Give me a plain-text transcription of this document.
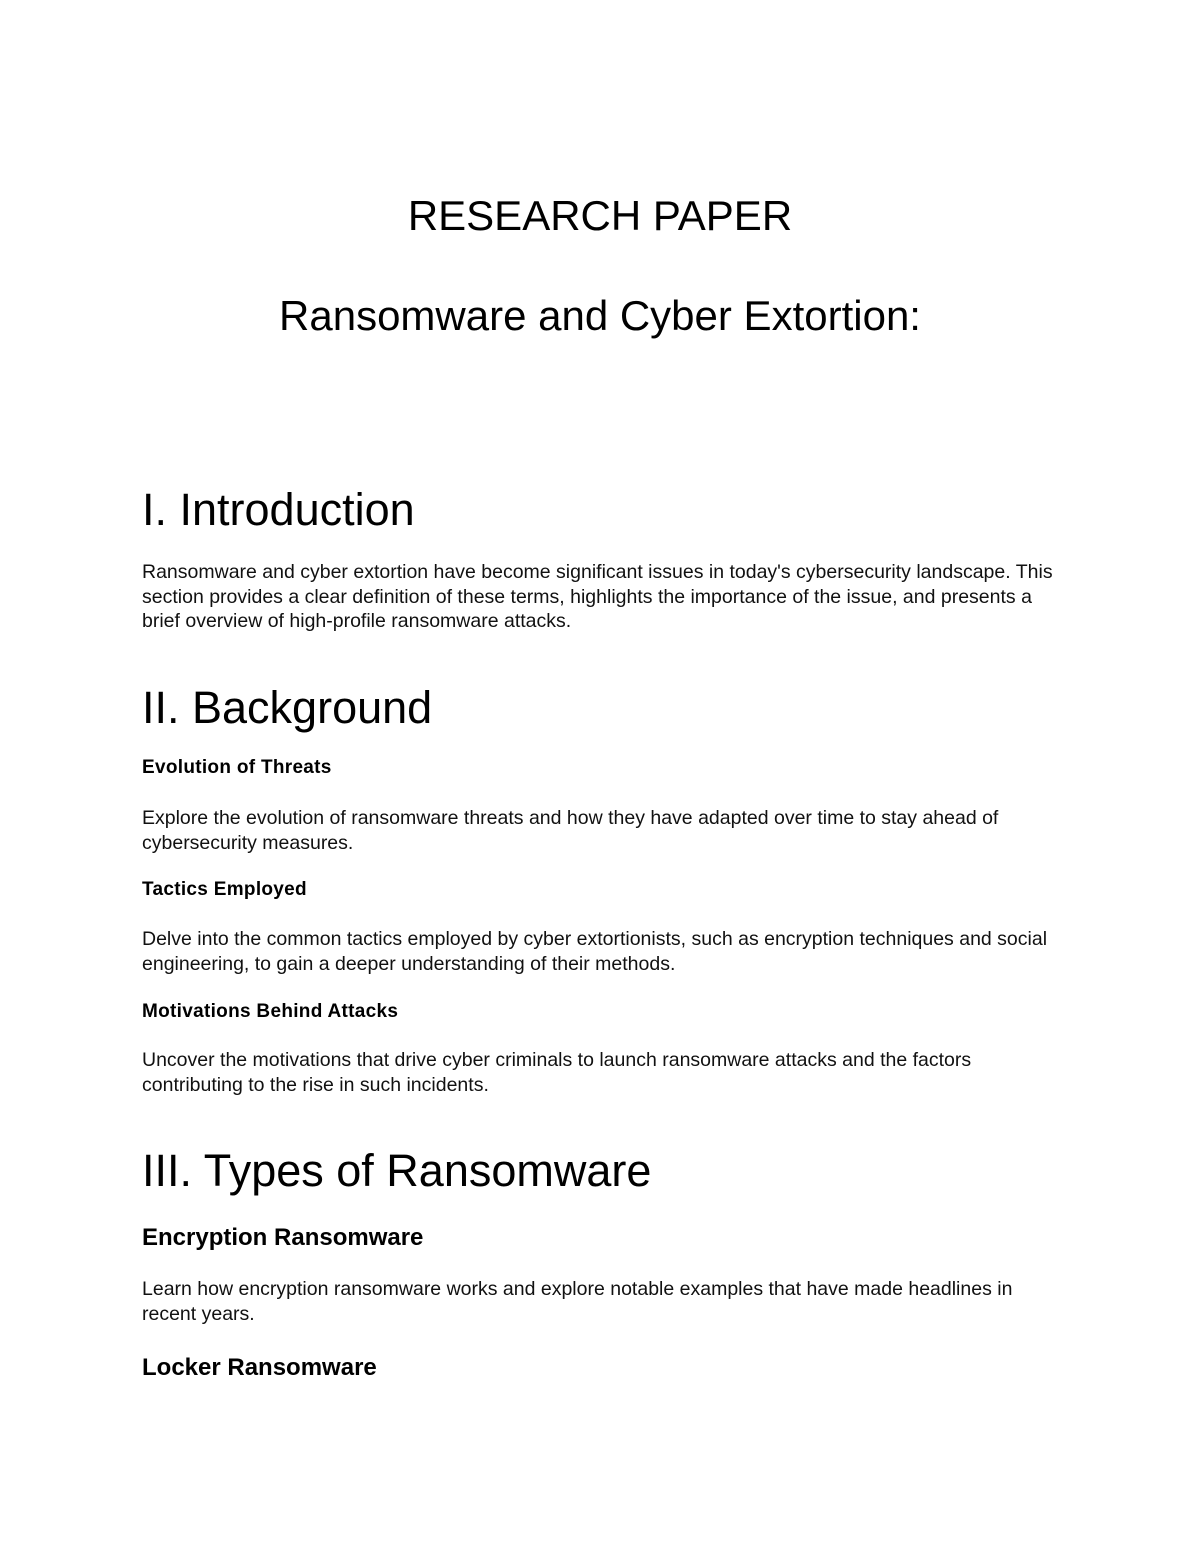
RESEARCH PAPER
Ransomware and Cyber Extortion:
I. Introduction

Ransomware and cyber extortion have become significant issues in today's cybersecurity landscape. This section provides a clear definition of these terms, highlights the importance of the issue, and presents a brief overview of high-profile ransomware attacks.

II. Background
Evolution of Threats

Explore the evolution of ransomware threats and how they have adapted over time to stay ahead of cybersecurity measures.

Tactics Employed

Delve into the common tactics employed by cyber extortionists, such as encryption techniques and social engineering, to gain a deeper understanding of their methods.

Motivations Behind Attacks

Uncover the motivations that drive cyber criminals to launch ransomware attacks and the factors contributing to the rise in such incidents.

III. Types of Ransomware
Encryption Ransomware

Learn how encryption ransomware works and explore notable examples that have made headlines in recent years.

Locker Ransomware
